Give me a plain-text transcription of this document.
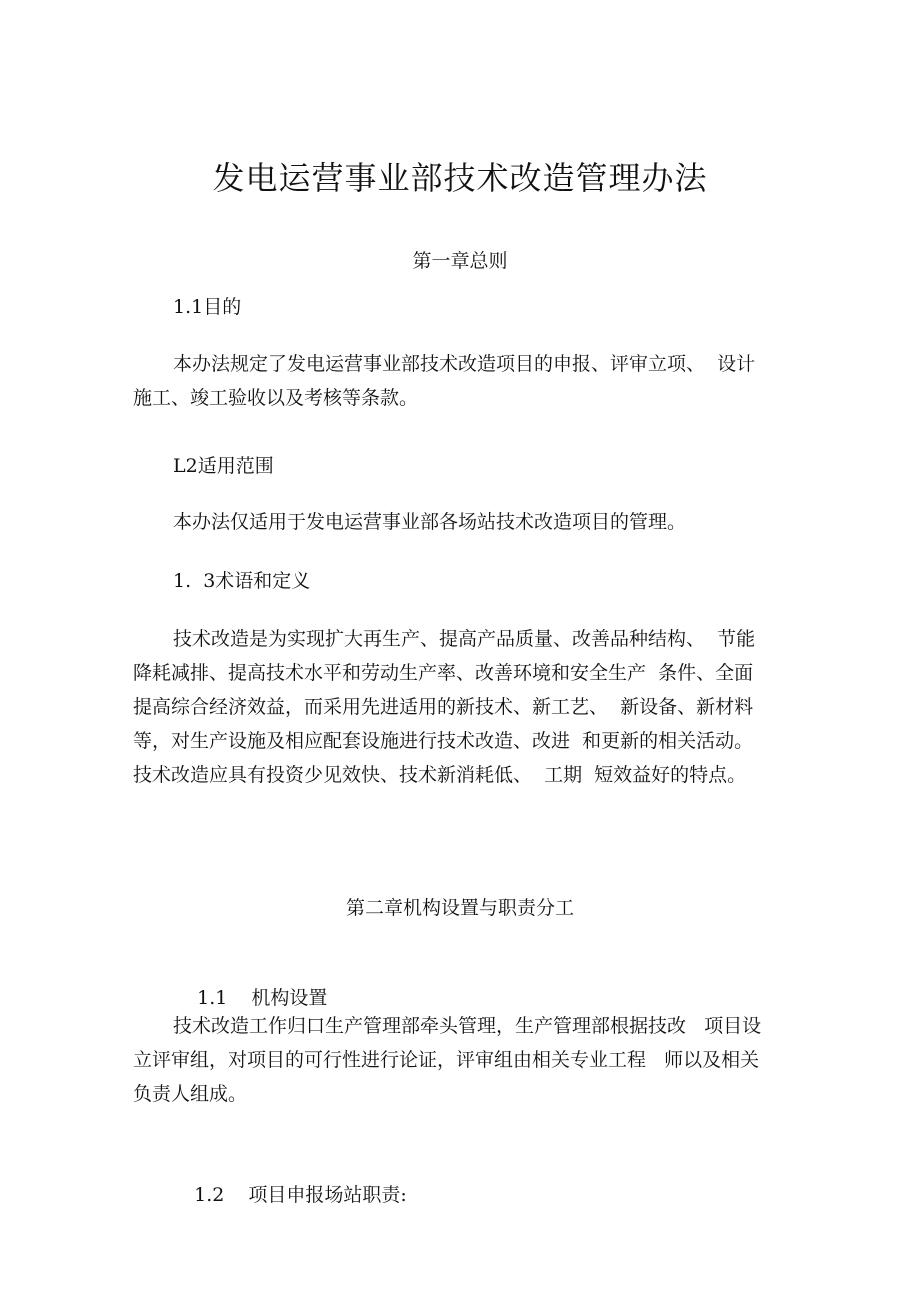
发电运营事业部技术改造管理办法
第一章总则
1.1目的
本办法规定了发电运营事业部技术改造项目的申报、评审立项、  设计
施工、竣工验收以及考核等条款。
L2适用范围
本办法仅适用于发电运营事业部各场站技术改造项目的管理。
1.  3术语和定义
技术改造是为实现扩大再生产、提高产品质量、改善品种结构、  节能
降耗减排、提高技术水平和劳动生产率、改善环境和安全生产  条件、全面
提高综合经济效益，而采用先进适用的新技术、新工艺、  新设备、新材料
等，对生产设施及相应配套设施进行技术改造、改进  和更新的相关活动。
技术改造应具有投资少见效快、技术新消耗低、  工期  短效益好的特点。
第二章机构设置与职责分工

1.1 机构设置

技术改造工作归口生产管理部牵头管理，生产管理部根据技改   项目设
立评审组，对项目的可行性进行论证，评审组由相关专业工程   师以及相关
负责人组成。

1.2 项目申报场站职责:
